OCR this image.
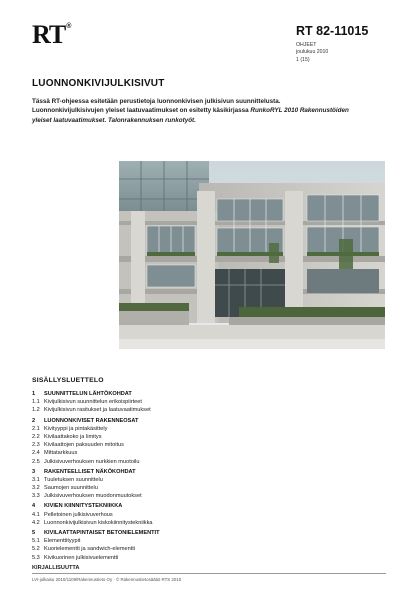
RT®	RT 82-11015
OHJEET
joulukuu 2010
1 (15)
LUONNONKIVIJULKISIVUT
Tässä RT-ohjeessa esitetään perustietoja luonnonkivisen julkisivun suunnittelusta. Luonnonkivijulkisivujen yleiset laatuvaatimukset on esitetty käsikirjassa RunkoRYL 2010 Rakennustöiden yleiset laatuvaatimukset. Talonrakennuksen runkotyöt.
SISÄLLYSLUETTELO
1 SUUNNITTELUN LÄHTÖKOHDAT
1.1 Kivijulkisivun suunnittelun erikoispiirteet
1.2 Kivijulkisivun rasitukset ja laatuvaatimukset
2 LUONNONKIVISET RAKENNEOSAT
2.1 Kivityyppi ja pintakäsittely
2.2 Kivilaattakoko ja limitys
2.3 Kivilaattojen paksuuden mitoitus
2.4 Mittatarkkuus
2.5 Julkisivuverhouksen nurkkien muotoilu
3 RAKENTEELLISET NÄKÖKOHDAT
3.1 Tuuletuksen suunnittelu
3.2 Saumojen suunnittelu
3.3 Julkisivuverhouksen muodonmuutokset
4 KIVIEN KIINNITYSTEKNIIKKA
4.1 Pelletoinen julkisivuverhous
4.2 Luonnonkivijulkisivun kiskokiinnitystekniikka
5 KIVILAATTAPINTAISET BETONIELEMENTIT
5.1 Elementtityypit
5.2 Kuorielementti ja sandwich-elementti
5.3 Kivikuorinen julkisivuelementti
KIRJALLISUUTTA
LVI-julkaisu 2010/1109/Rakennustieto Oy · © Rakennustietosäätiö RTS 2010
